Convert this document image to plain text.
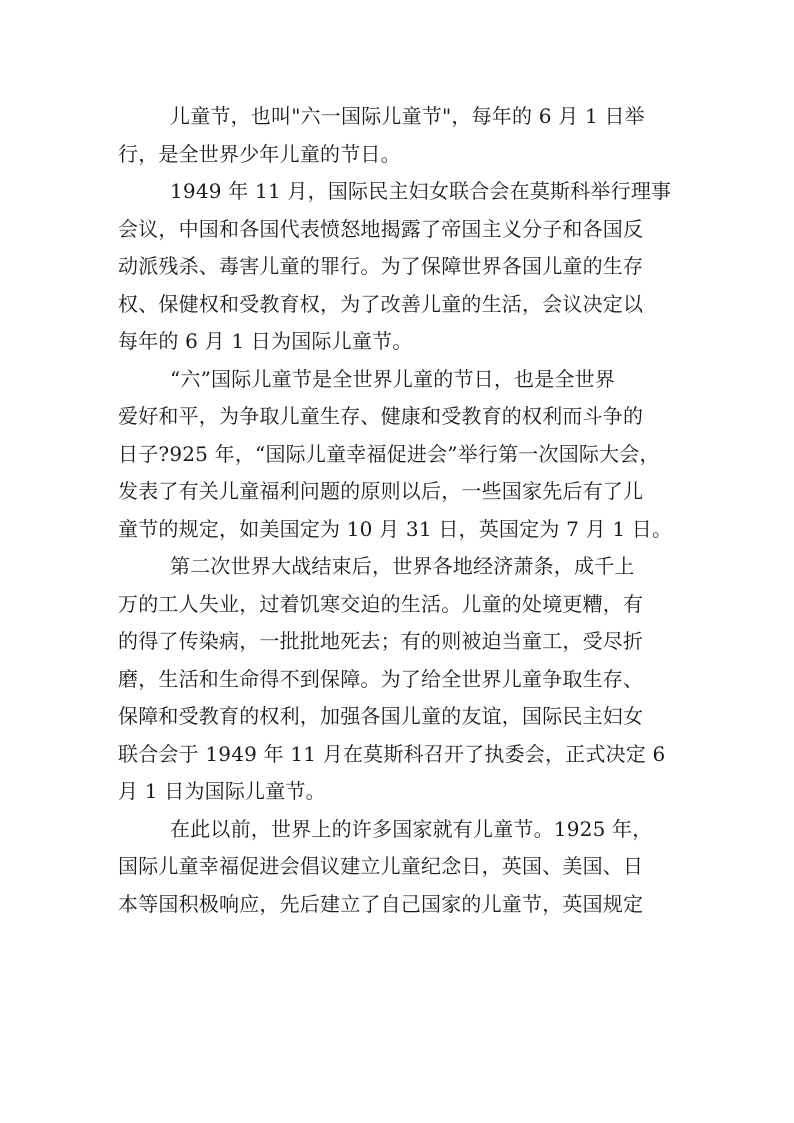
儿童节，也叫"六一国际儿童节"，每年的 6 月 1 日举
行，是全世界少年儿童的节日。

1949 年 11 月，国际民主妇女联合会在莫斯科举行理事
会议，中国和各国代表愤怒地揭露了帝国主义分子和各国反
动派残杀、毒害儿童的罪行。为了保障世界各国儿童的生存
权、保健权和受教育权，为了改善儿童的生活，会议决定以
每年的 6 月 1 日为国际儿童节。

“六”国际儿童节是全世界儿童的节日，也是全世界
爱好和平，为争取儿童生存、健康和受教育的权利而斗争的
日子?925 年，“国际儿童幸福促进会”举行第一次国际大会，
发表了有关儿童福利问题的原则以后，一些国家先后有了儿
童节的规定，如美国定为 10 月 31 日，英国定为 7 月 1 日。

第二次世界大战结束后，世界各地经济萧条，成千上
万的工人失业，过着饥寒交迫的生活。儿童的处境更糟，有
的得了传染病，一批批地死去；有的则被迫当童工，受尽折
磨，生活和生命得不到保障。为了给全世界儿童争取生存、
保障和受教育的权利，加强各国儿童的友谊，国际民主妇女
联合会于 1949 年 11 月在莫斯科召开了执委会，正式决定 6
月 1 日为国际儿童节。

在此以前，世界上的许多国家就有儿童节。1925 年，
国际儿童幸福促进会倡议建立儿童纪念日，英国、美国、日
本等国积极响应，先后建立了自己国家的儿童节，英国规定
